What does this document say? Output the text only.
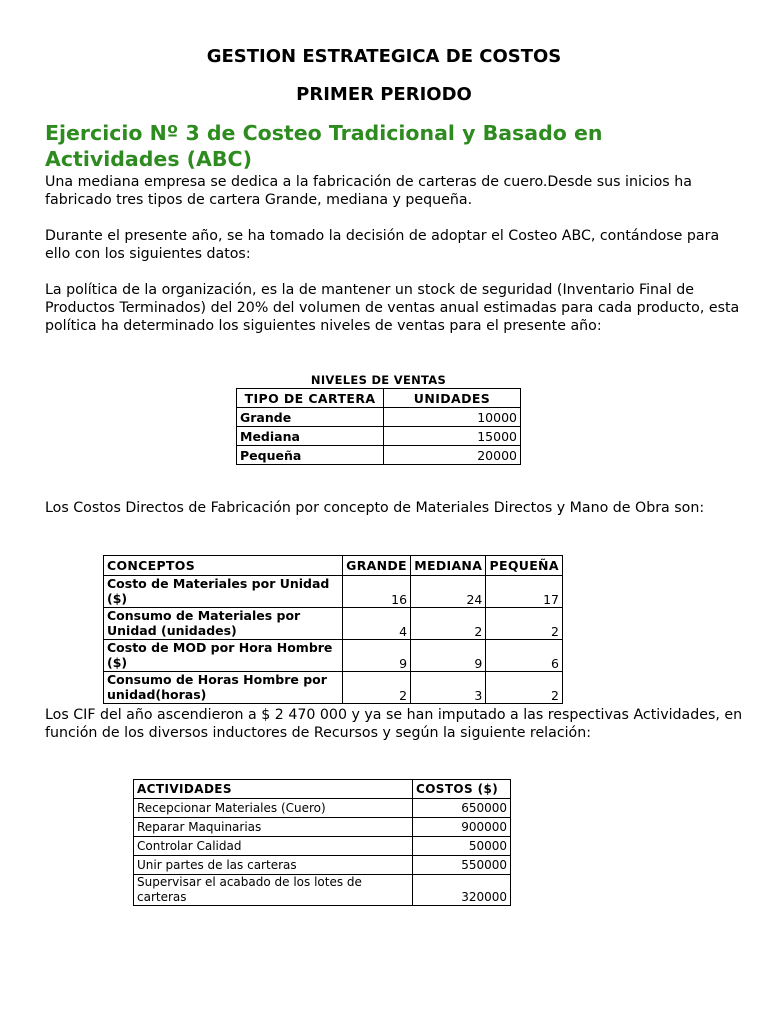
GESTION ESTRATEGICA DE COSTOS
PRIMER PERIODO
Ejercicio Nº 3 de Costeo Tradicional y Basado en Actividades (ABC)
Una mediana empresa se dedica a la fabricación de carteras de cuero.Desde sus inicios ha fabricado tres tipos de cartera Grande, mediana y pequeña.
Durante el presente año, se ha tomado la decisión de adoptar el Costeo ABC, contándose para ello con los siguientes datos:
La política de la organización, es la de mantener un stock de seguridad (Inventario Final de Productos Terminados) del 20% del volumen de ventas anual estimadas para cada producto, esta política ha determinado los siguientes niveles de ventas para el presente año:
NIVELES DE VENTAS
TIPO DE CARTERA	UNIDADES
Grande	10000
Mediana	15000
Pequeña	20000
Los Costos Directos de Fabricación por concepto de Materiales Directos y Mano de Obra son:
CONCEPTOS	GRANDE	MEDIANA	PEQUEÑA
Costo de Materiales por Unidad ($)	16	24	17
Consumo de Materiales por Unidad (unidades)	4	2	2
Costo de MOD por Hora Hombre ($)	9	9	6
Consumo de Horas Hombre por unidad(horas)	2	3	2
Los CIF del año ascendieron a $ 2 470 000 y ya se han imputado a las respectivas Actividades, en función de los diversos inductores de Recursos y según la siguiente relación:
ACTIVIDADES	COSTOS ($)
Recepcionar Materiales (Cuero)	650000
Reparar Maquinarias	900000
Controlar Calidad	50000
Unir partes de las carteras	550000
Supervisar el acabado de los lotes de carteras	320000
